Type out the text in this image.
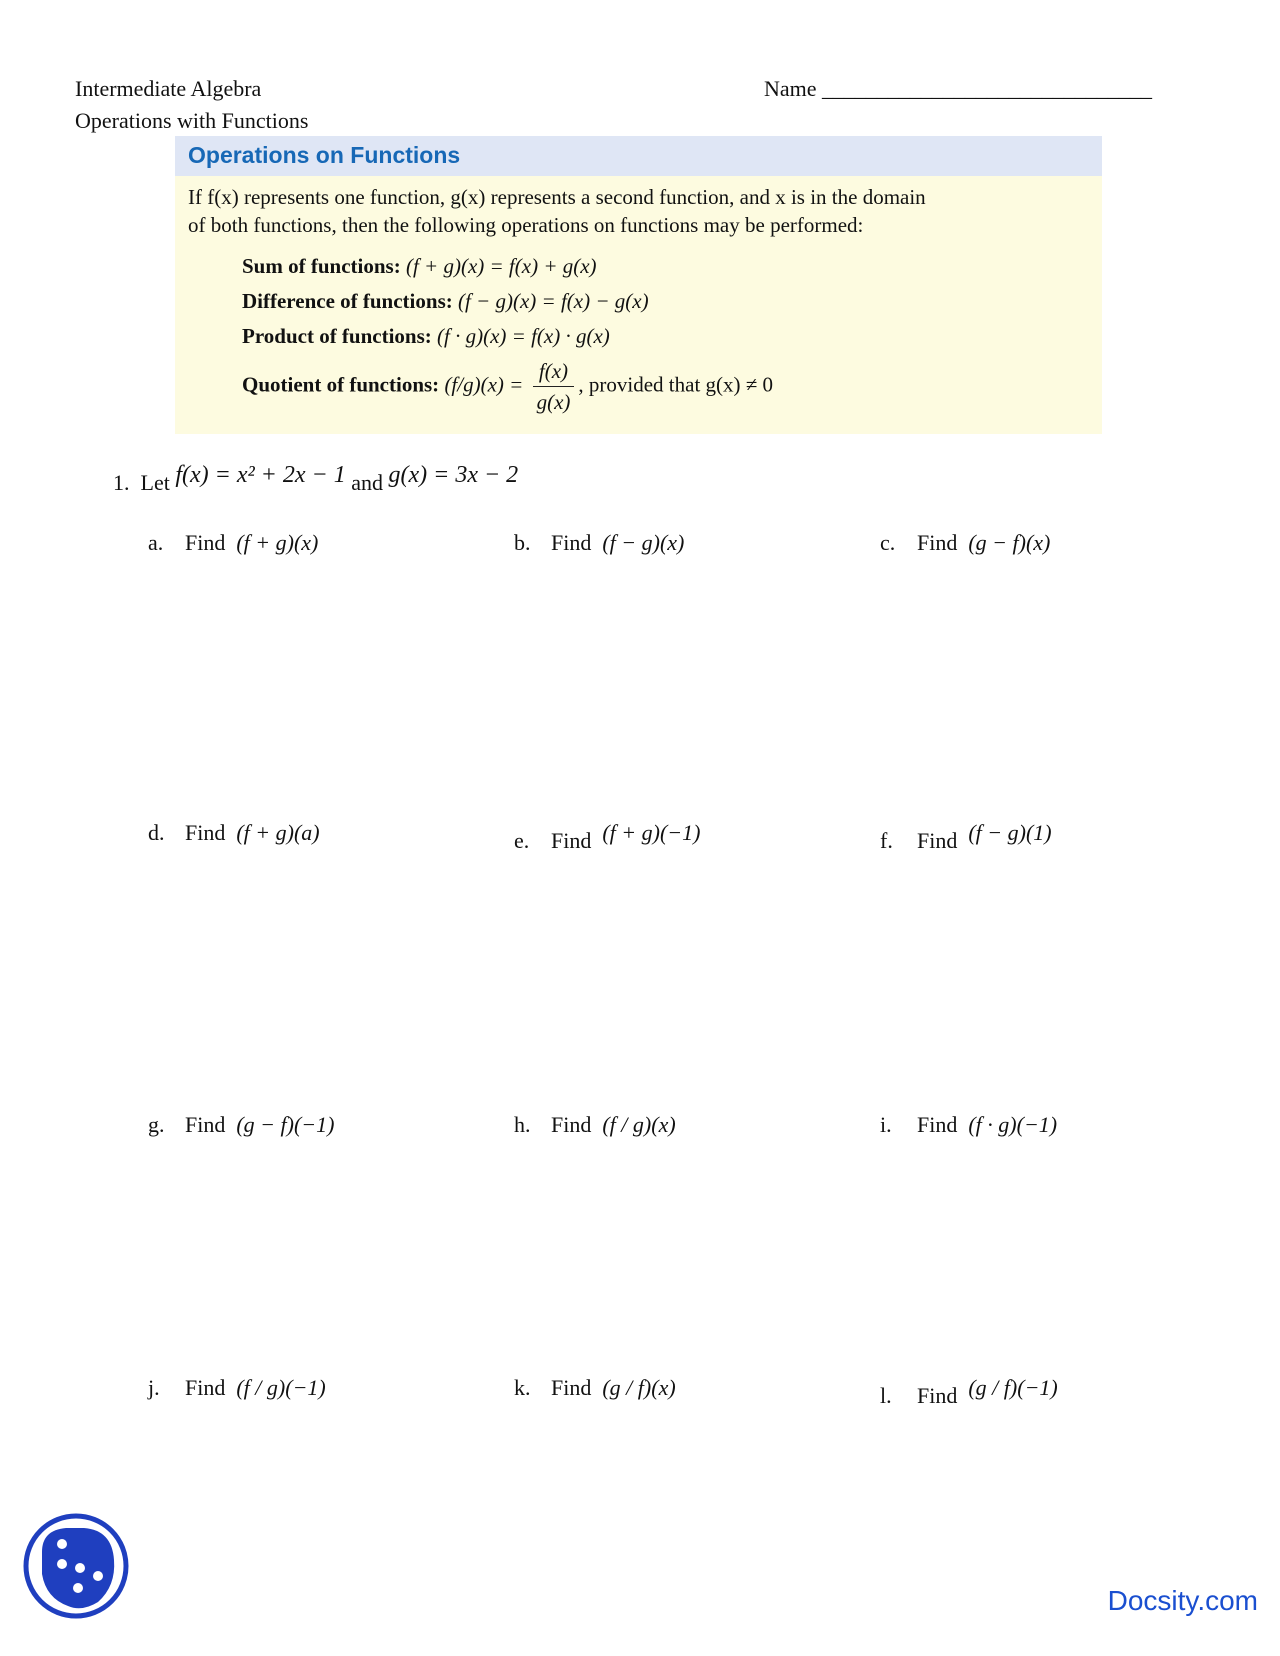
Intermediate Algebra
Operations with Functions
Name ______________________________
Operations on Functions
If f(x) represents one function, g(x) represents a second function, and x is in the domain
of both functions, then the following operations on functions may be performed:
Sum of functions: (f + g)(x) = f(x) + g(x)
Difference of functions: (f − g)(x) = f(x) − g(x)
Product of functions: (f · g)(x) = f(x) · g(x)
Quotient of functions: $(f/g)(x) = \frac{f(x)}{g(x)}$ , provided that g(x) ≠ 0
1. Let f(x) = x² + 2x − 1 and g(x) = 3x − 2
a. Find (f + g)(x)	b. Find (f − g)(x)	c. Find (g − f)(x)
d. Find (f + g)(a)	e. Find (f + g)(−1)	f. Find (f − g)(1)
g. Find (g − f)(−1)	h. Find (f / g)(x)	i. Find (f · g)(−1)
j. Find (f / g)(−1)	k. Find (g / f)(x)	l. Find (g / f)(−1)
Docsity.com
